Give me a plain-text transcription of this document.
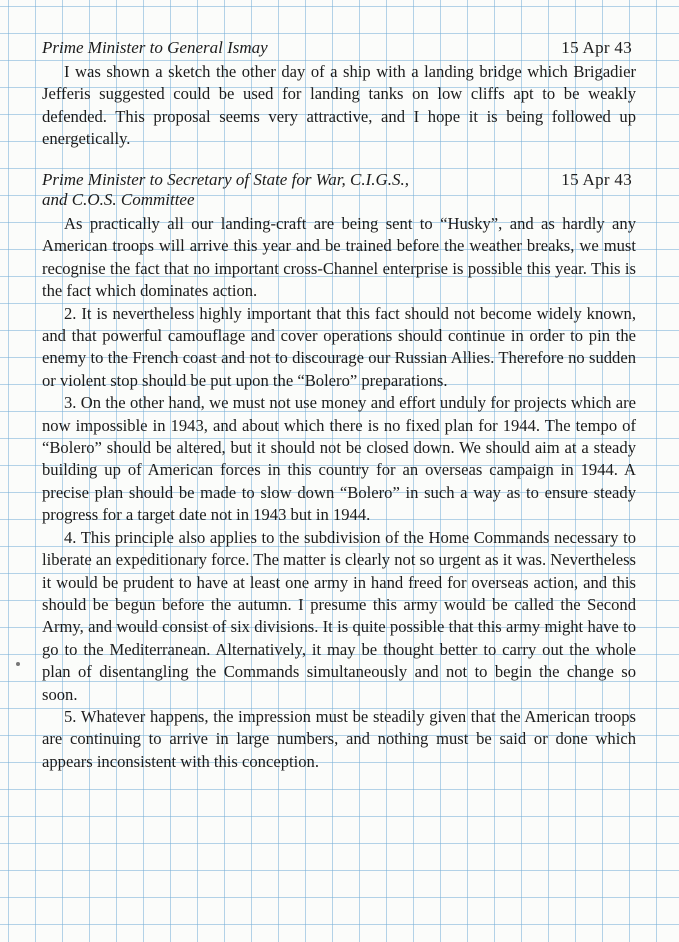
Prime Minister to General Ismay	15 Apr 43

I was shown a sketch the other day of a ship with a landing bridge which Brigadier Jefferis suggested could be used for landing tanks on low cliffs apt to be weakly defended. This proposal seems very attractive, and I hope it is being followed up energetically.

Prime Minister to Secretary of State for War, C.I.G.S.,
and C.O.S. Committee
15 Apr 43

As practically all our landing-craft are being sent to “Husky”, and as hardly any American troops will arrive this year and be trained before the weather breaks, we must recognise the fact that no important cross-Channel enterprise is possible this year. This is the fact which dominates action.

2. It is nevertheless highly important that this fact should not become widely known, and that powerful camouflage and cover operations should continue in order to pin the enemy to the French coast and not to discourage our Russian Allies. Therefore no sudden or violent stop should be put upon the “Bolero” preparations.

3. On the other hand, we must not use money and effort unduly for projects which are now impossible in 1943, and about which there is no fixed plan for 1944. The tempo of “Bolero” should be altered, but it should not be closed down. We should aim at a steady building up of American forces in this country for an overseas campaign in 1944. A precise plan should be made to slow down “Bolero” in such a way as to ensure steady progress for a target date not in 1943 but in 1944.

4. This principle also applies to the subdivision of the Home Commands necessary to liberate an expeditionary force. The matter is clearly not so urgent as it was. Nevertheless it would be prudent to have at least one army in hand freed for overseas action, and this should be begun before the autumn. I presume this army would be called the Second Army, and would consist of six divisions. It is quite possible that this army might have to go to the Mediterranean. Alternatively, it may be thought better to carry out the whole plan of disentangling the Commands simultaneously and not to begin the change so soon.

5. Whatever happens, the impression must be steadily given that the American troops are continuing to arrive in large numbers, and nothing must be said or done which appears inconsistent with this conception.
